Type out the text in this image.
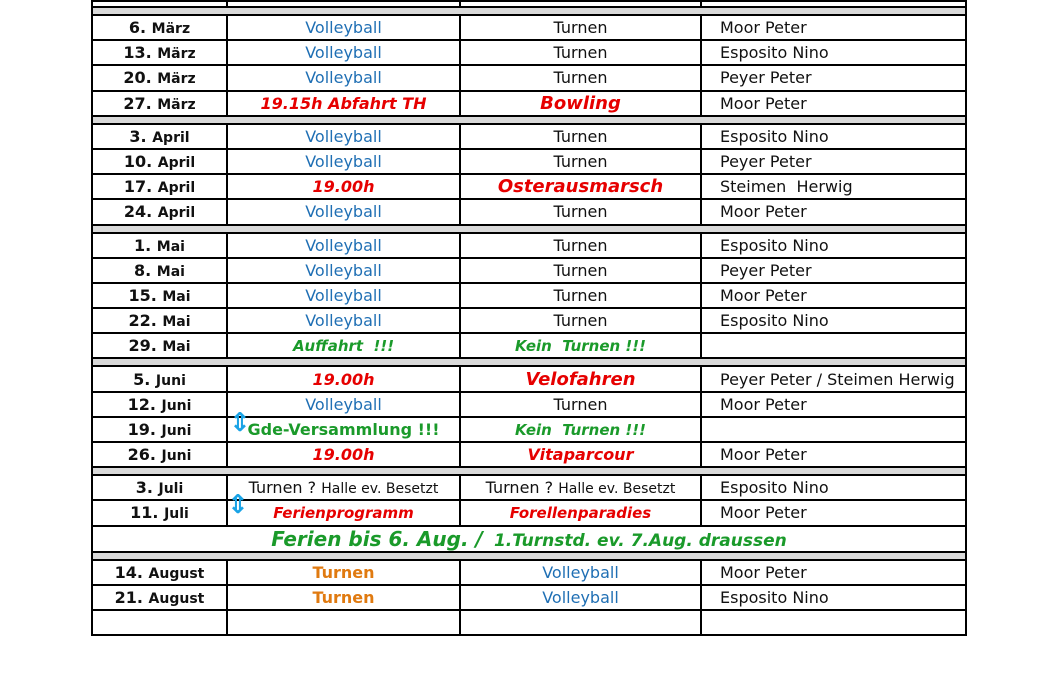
6. März	Volleyball	Turnen	Moor Peter
13. März	Volleyball	Turnen	Esposito Nino
20. März	Volleyball	Turnen	Peyer Peter
27. März	19.15h Abfahrt TH	Bowling	Moor Peter

3. April	Volleyball	Turnen	Esposito Nino
10. April	Volleyball	Turnen	Peyer Peter
17. April	19.00h	Osterausmarsch	Steimen  Herwig
24. April	Volleyball	Turnen	Moor Peter

1. Mai	Volleyball	Turnen	Esposito Nino
8. Mai	Volleyball	Turnen	Peyer Peter
15. Mai	Volleyball	Turnen	Moor Peter
22. Mai	Volleyball	Turnen	Esposito Nino
29. Mai	Auffahrt  !!!	Kein  Turnen !!!	

5. Juni	19.00h	Velofahren	Peyer Peter / Steimen Herwig
12. Juni	Volleyball	Turnen	Moor Peter
19. Juni	Gde-Versammlung !!!	Kein  Turnen !!!	
26. Juni	19.00h	Vitaparcour	Moor Peter

3. Juli	Turnen ? Halle ev. Besetzt	Turnen ? Halle ev. Besetzt	Esposito Nino
11. Juli	Ferienprogramm	Forellenparadies	Moor Peter
Ferien bis 6. Aug. / 1.Turnstd. ev. 7.Aug. draussen			

14. August	Turnen	Volleyball	Moor Peter
21. August	Turnen	Volleyball	Esposito Nino

⇕
⇕
